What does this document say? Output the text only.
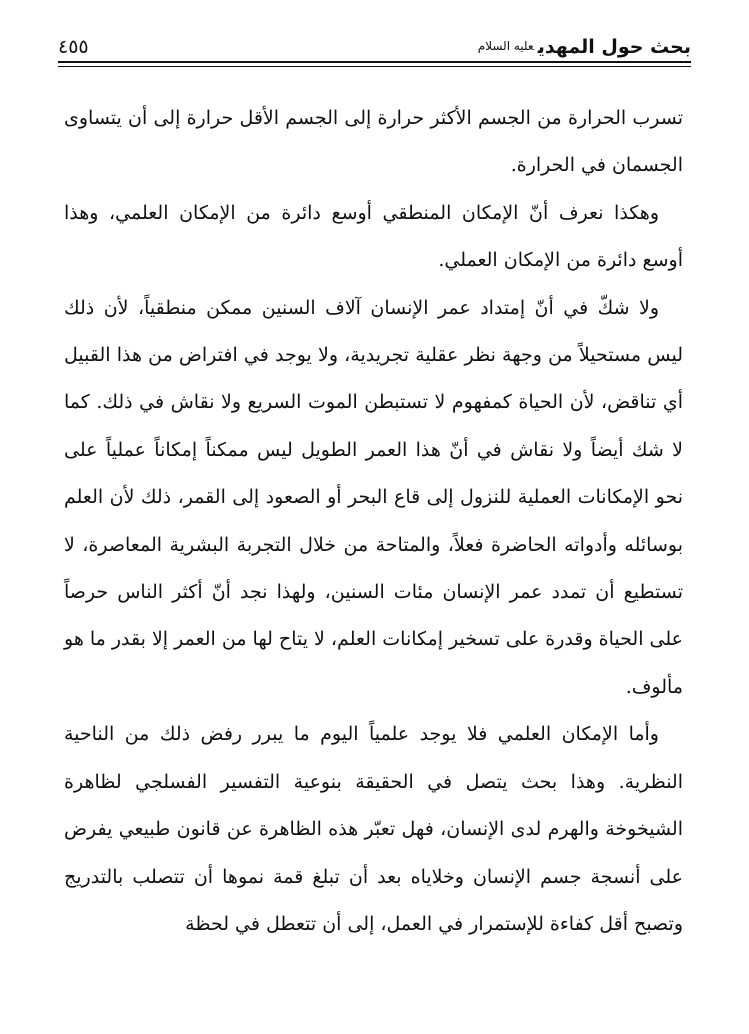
بحث حول المهديعليه السلام
٤٥٥

تسرب الحرارة من الجسم الأكثر حرارة إلى الجسم الأقل حرارة إلى أن يتساوى الجسمان في الحرارة.

وهكذا نعرف أنّ الإمكان المنطقي أوسع دائرة من الإمكان العلمي، وهذا أوسع دائرة من الإمكان العملي.

ولا شكّ في أنّ إمتداد عمر الإنسان آلاف السنين ممكن منطقياً، لأن ذلك ليس مستحيلاً من وجهة نظر عقلية تجريدية، ولا يوجد في افتراض من هذا القبيل أي تناقض، لأن الحياة كمفهوم لا تستبطن الموت السريع ولا نقاش في ذلك. كما لا شك أيضاً ولا نقاش في أنّ هذا العمر الطويل ليس ممكناً إمكاناً عملياً على نحو الإمكانات العملية للنزول إلى قاع البحر أو الصعود إلى القمر، ذلك لأن العلم بوسائله وأدواته الحاضرة فعلاً، والمتاحة من خلال التجربة البشرية المعاصرة، لا تستطيع أن تمدد عمر الإنسان مئات السنين، ولهذا نجد أنّ أكثر الناس حرصاً على الحياة وقدرة على تسخير إمكانات العلم، لا يتاح لها من العمر إلا بقدر ما هو مألوف.

وأما الإمكان العلمي فلا يوجد علمياً اليوم ما يبرر رفض ذلك من الناحية النظرية. وهذا بحث يتصل في الحقيقة بنوعية التفسير الفسلجي لظاهرة الشيخوخة والهرم لدى الإنسان، فهل تعبّر هذه الظاهرة عن قانون طبيعي يفرض على أنسجة جسم الإنسان وخلاياه بعد أن تبلغ قمة نموها أن تتصلب بالتدريج وتصبح أقل كفاءة للإستمرار في العمل، إلى أن تتعطل في لحظة
